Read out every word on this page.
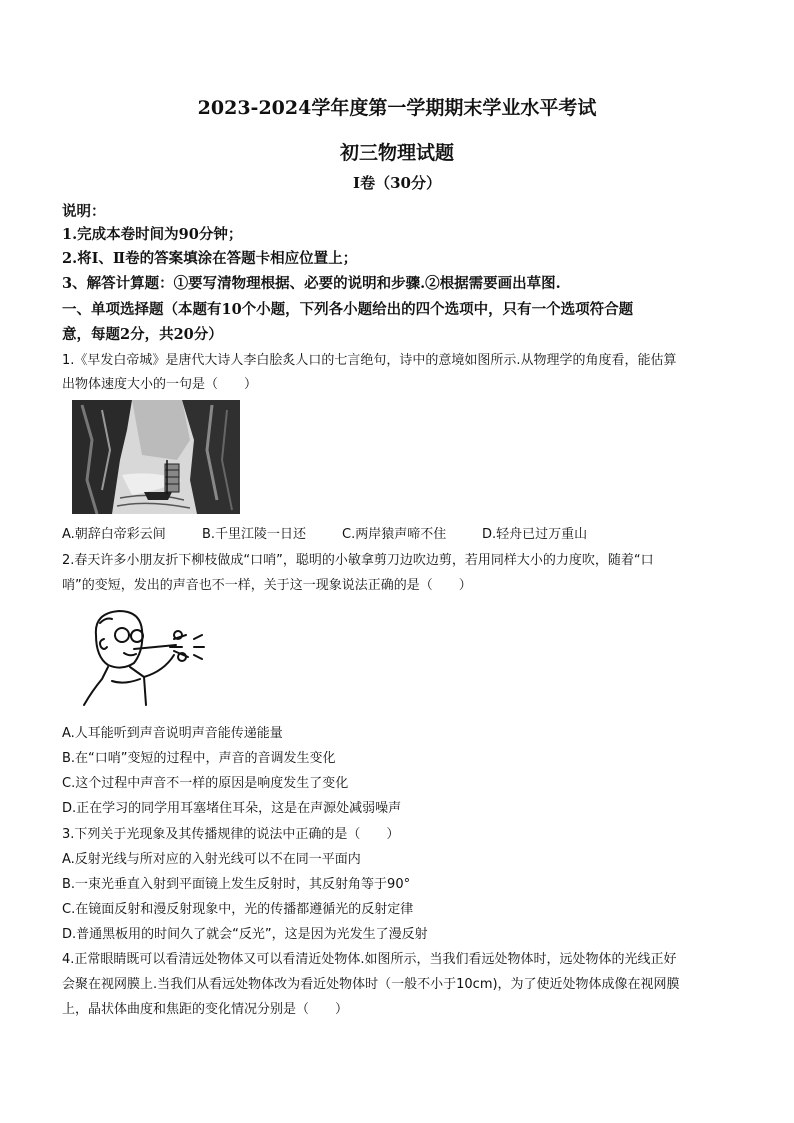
2023-2024学年度第一学期期末学业水平考试
初三物理试题
Ⅰ卷（30分）
说明：
1.完成本卷时间为90分钟；
2.将Ⅰ、Ⅱ卷的答案填涂在答题卡相应位置上；
3、解答计算题：①要写清物理根据、必要的说明和步骤.②根据需要画出草图.
一、单项选择题（本题有10个小题，下列各小题给出的四个选项中，只有一个选项符合题
意，每题2分，共20分）
1.《早发白帝城》是唐代大诗人李白脍炙人口的七言绝句，诗中的意境如图所示.从物理学的角度看，能估算
出物体速度大小的一句是（　　）
A.朝辞白帝彩云间	B.千里江陵一日还	C.两岸猿声啼不住	D.轻舟已过万重山
2.春天许多小朋友折下柳枝做成“口哨”，聪明的小敏拿剪刀边吹边剪，若用同样大小的力度吹，随着“口
哨”的变短，发出的声音也不一样，关于这一现象说法正确的是（　　）
A.人耳能听到声音说明声音能传递能量
B.在“口哨”变短的过程中，声音的音调发生变化
C.这个过程中声音不一样的原因是响度发生了变化
D.正在学习的同学用耳塞堵住耳朵，这是在声源处减弱噪声
3.下列关于光现象及其传播规律的说法中正确的是（　　）
A.反射光线与所对应的入射光线可以不在同一平面内
B.一束光垂直入射到平面镜上发生反射时，其反射角等于90°
C.在镜面反射和漫反射现象中，光的传播都遵循光的反射定律
D.普通黑板用的时间久了就会“反光”，这是因为光发生了漫反射
4.正常眼睛既可以看清远处物体又可以看清近处物体.如图所示，当我们看远处物体时，远处物体的光线正好
会聚在视网膜上.当我们从看远处物体改为看近处物体时（一般不小于10cm)，为了使近处物体成像在视网膜
上，晶状体曲度和焦距的变化情况分别是（　　）
